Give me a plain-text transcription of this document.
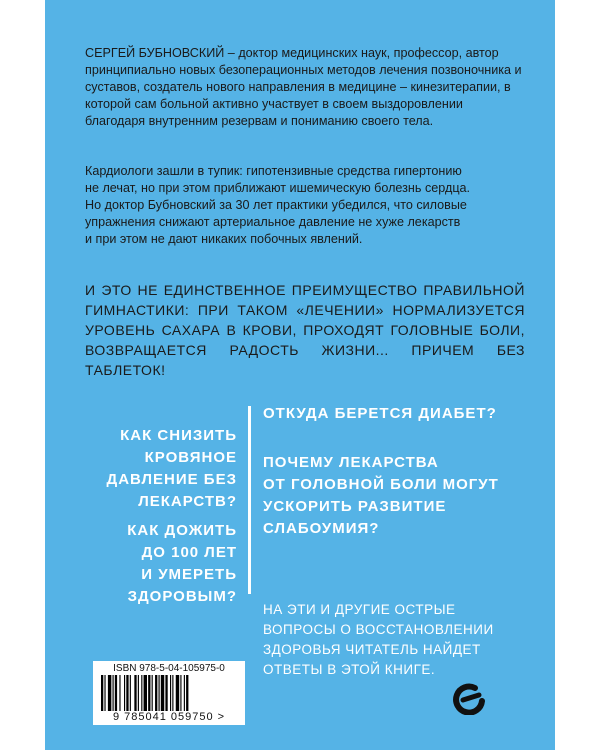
СЕРГЕЙ БУБНОВСКИЙ – доктор медицинских наук, профессор, автор принципиально новых безоперационных методов лечения позвоночника и суставов, создатель нового направления в медицине – кинезитерапии, в которой сам больной активно участвует в своем выздоровлении благодаря внутренним резервам и пониманию своего тела.

Кардиологи зашли в тупик: гипотензивные средства гипертонию
не лечат, но при этом приближают ишемическую болезнь сердца.
Но доктор Бубновский за 30 лет практики убедился, что силовые
упражнения снижают артериальное давление не хуже лекарств
и при этом не дают никаких побочных явлений.
И ЭТО НЕ ЕДИНСТВЕННОЕ ПРЕИМУЩЕСТВО ПРАВИЛЬНОЙ
ГИМНАСТИКИ: ПРИ ТАКОМ «ЛЕЧЕНИИ» НОРМАЛИЗУЕТСЯ
УРОВЕНЬ САХАРА В КРОВИ, ПРОХОДЯТ ГОЛОВНЫЕ БОЛИ,
ВОЗВРАЩАЕТСЯ РАДОСТЬ ЖИЗНИ... ПРИЧЕМ БЕЗ ТАБЛЕТОК!
КАК СНИЗИТЬ
КРОВЯНОЕ
ДАВЛЕНИЕ БЕЗ
ЛЕКАРСТВ?
КАК ДОЖИТЬ
ДО 100 ЛЕТ
И УМЕРЕТЬ
ЗДОРОВЫМ?
ОТКУДА БЕРЕТСЯ ДИАБЕТ?
ПОЧЕМУ ЛЕКАРСТВА
ОТ ГОЛОВНОЙ БОЛИ МОГУТ
УСКОРИТЬ РАЗВИТИЕ
СЛАБОУМИЯ?
НА ЭТИ И ДРУГИЕ ОСТРЫЕ
ВОПРОСЫ О ВОССТАНОВЛЕНИИ
ЗДОРОВЬЯ ЧИТАТЕЛЬ НАЙДЕТ
ОТВЕТЫ В ЭТОЙ КНИГЕ.
ISBN 978-5-04-105975-0
9 785041 059750 >
